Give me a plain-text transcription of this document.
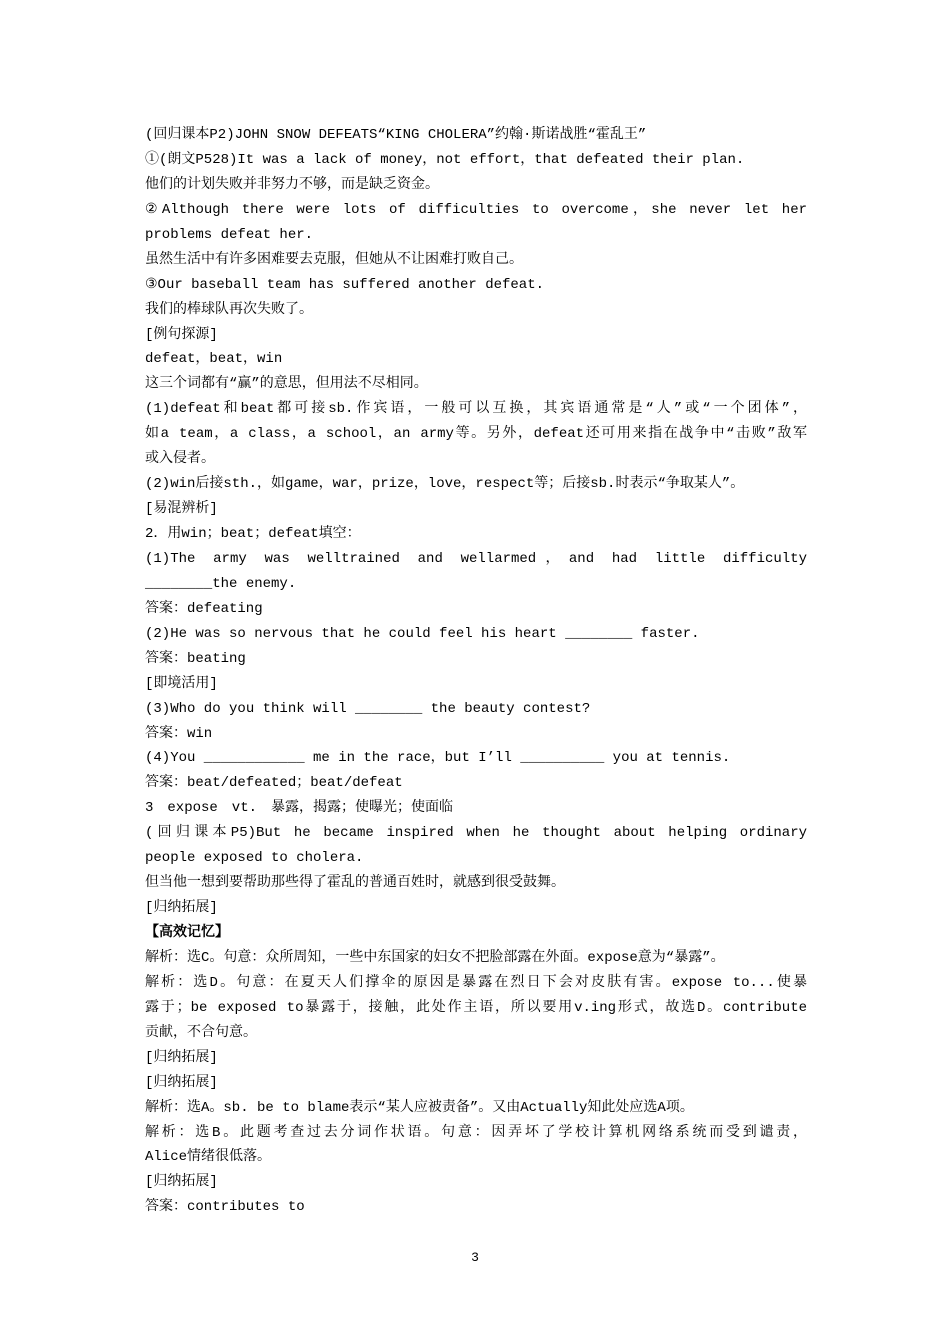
(回归课本P2)JOHN SNOW DEFEATS“KING CHOLERA”约翰·斯诺战胜“霍乱王”
①(朗文P528)It was a lack of money，not effort，that defeated their plan.
他们的计划失败并非努力不够，而是缺乏资金。
②Although there were lots of difficulties to overcome，she never let her
problems defeat her.
虽然生活中有许多困难要去克服，但她从不让困难打败自己。
③Our baseball team has suffered another defeat.
我们的棒球队再次失败了。
[例句探源]
defeat，beat，win
这三个词都有“赢”的意思，但用法不尽相同。
(1)defeat和beat都可接sb.作宾语，一般可以互换，其宾语通常是“人”或“一个团体”，
如a team，a class，a school，an army等。另外，defeat还可用来指在战争中“击败”敌军
或入侵者。
(2)win后接sth.，如game，war，prize，love，respect等；后接sb.时表示“争取某人”。
[易混辨析]
2．用win；beat；defeat填空：
(1)The army was welltrained and wellarmed，and had little difficulty
________the enemy.
答案：defeating
(2)He was so nervous that he could feel his heart ________ faster.
答案：beating
[即境活用]
(3)Who do you think will ________ the beauty contest?
答案：win
(4)You ____________ me in the race，but I’ll __________ you at tennis.
答案：beat/defeated；beat/defeat
3　expose　vt.　暴露，揭露；使曝光；使面临
(回归课本P5)But he became inspired when he thought about helping ordinary
people exposed to cholera.
但当他一想到要帮助那些得了霍乱的普通百姓时，就感到很受鼓舞。
[归纳拓展]
【高效记忆】
解析：选C。句意：众所周知，一些中东国家的妇女不把脸部露在外面。expose意为“暴露”。
解析：选D。句意：在夏天人们撑伞的原因是暴露在烈日下会对皮肤有害。expose to...使暴
露于；be exposed to暴露于，接触，此处作主语，所以要用v.ing形式，故选D。contribute
贡献，不合句意。
[归纳拓展]
[归纳拓展]
解析：选A。sb. be to blame表示“某人应被责备”。又由Actually知此处应选A项。
解析：选B。此题考查过去分词作状语。句意：因弄坏了学校计算机网络系统而受到谴责，
Alice情绪很低落。
[归纳拓展]
答案：contributes to
3
